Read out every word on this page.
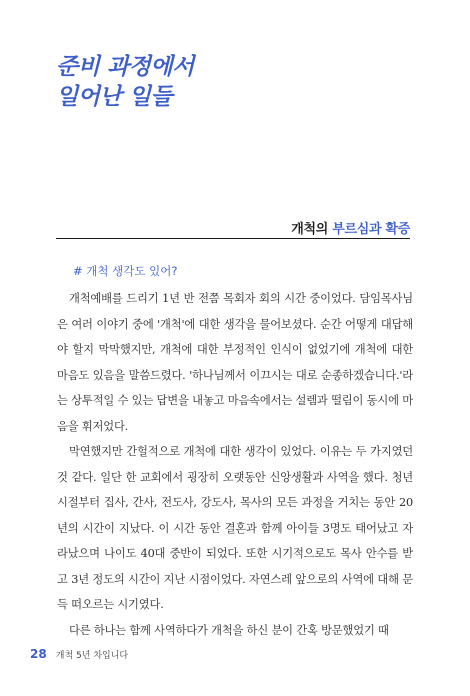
준비 과정에서
일어난 일들
개척의 부르심과 확증
# 개척 생각도 있어?

개척예배를 드리기 1년 반 전쯤 목회자 회의 시간 중이었다. 담임목사님은 여러 이야기 중에 '개척'에 대한 생각을 물어보셨다. 순간 어떻게 대답해야 할지 막막했지만, 개척에 대한 부정적인 인식이 없었기에 개척에 대한 마음도 있음을 말씀드렸다. '하나님께서 이끄시는 대로 순종하겠습니다.'라는 상투적일 수 있는 답변을 내놓고 마음속에서는 설렘과 떨림이 동시에 마음을 휘저었다.

막연했지만 간헐적으로 개척에 대한 생각이 있었다. 이유는 두 가지였던 것 같다. 일단 한 교회에서 굉장히 오랫동안 신앙생활과 사역을 했다. 청년시절부터 집사, 간사, 전도사, 강도사, 목사의 모든 과정을 거치는 동안 20년의 시간이 지났다. 이 시간 동안 결혼과 함께 아이들 3명도 태어났고 자라났으며 나이도 40대 중반이 되었다. 또한 시기적으로도 목사 안수를 받고 3년 정도의 시간이 지난 시점이었다. 자연스레 앞으로의 사역에 대해 문득 떠오르는 시기였다.

다른 하나는 함께 사역하다가 개척을 하신 분이 간혹 방문했었기 때

28 개척 5년 차입니다
